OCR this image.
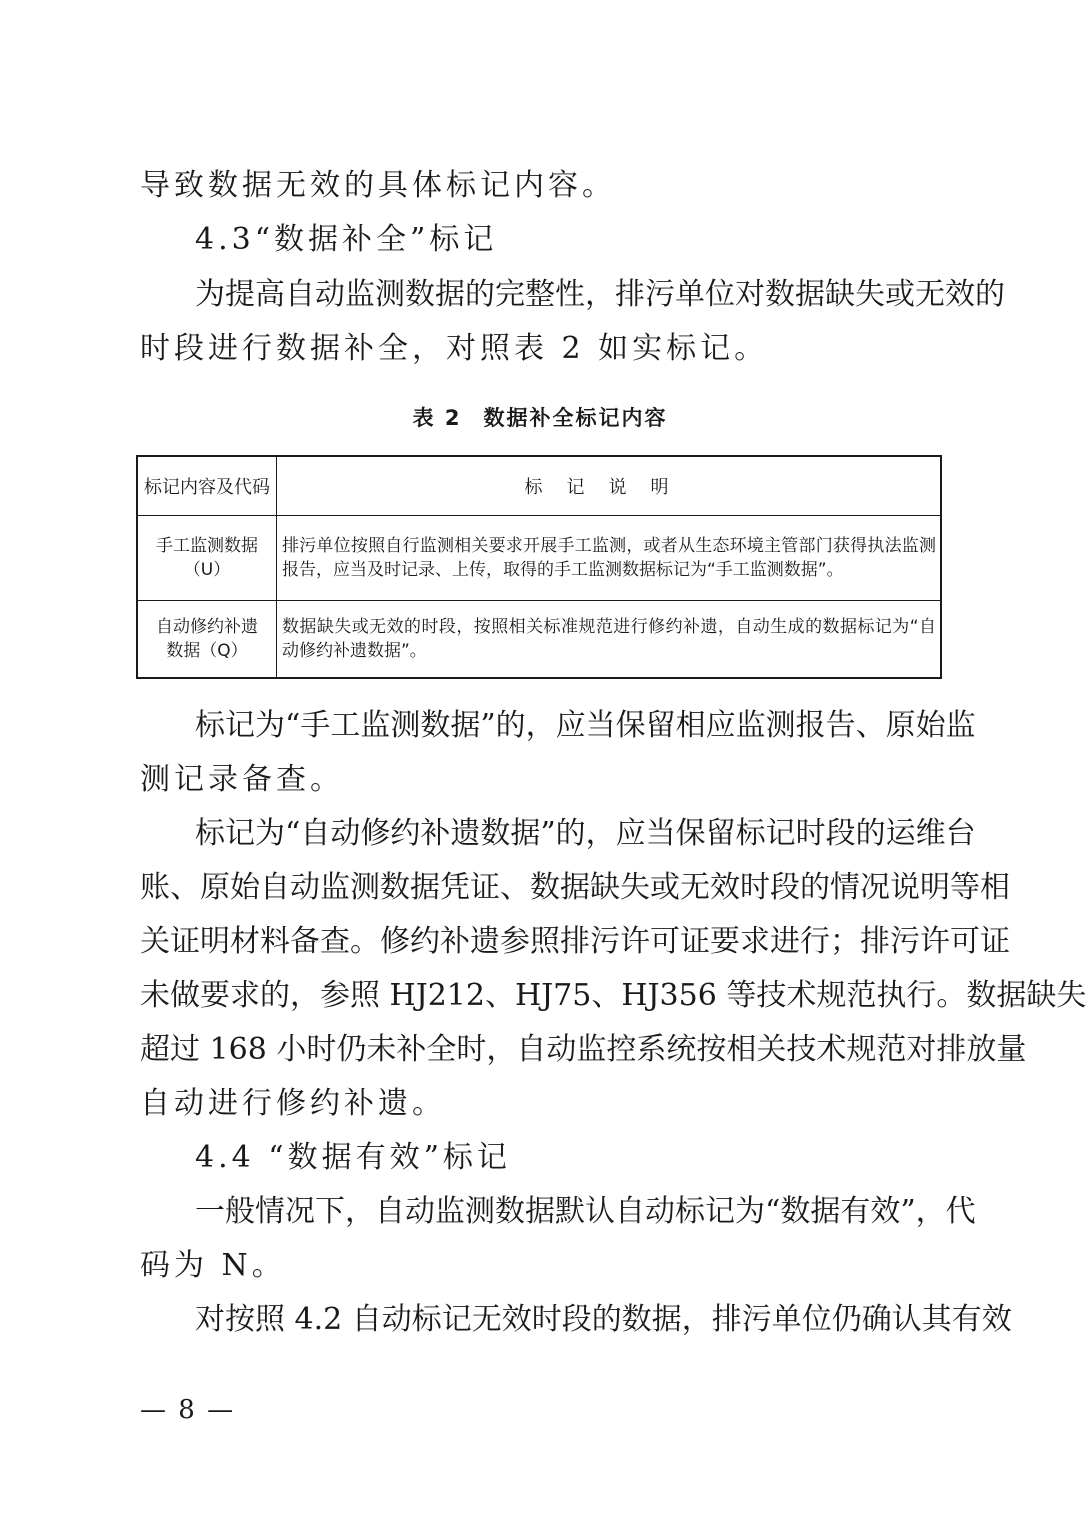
导致数据无效的具体标记内容。
4.3“数据补全”标记
为提高自动监测数据的完整性，排污单位对数据缺失或无效的
时段进行数据补全，对照表 2 如实标记。
表 2 数据补全标记内容
标记内容及代码	标记说明

手工监测数据
（U）	排污单位按照自行监测相关要求开展手工监测，或者从生态环境主管部门获得执法监测报告，应当及时记录、上传，取得的手工监测数据标记为“手工监测数据”。

自动修约补遗
数据（Q）	数据缺失或无效的时段，按照相关标准规范进行修约补遗，自动生成的数据标记为“自动修约补遗数据”。
标记为“手工监测数据”的，应当保留相应监测报告、原始监
测记录备查。
标记为“自动修约补遗数据”的，应当保留标记时段的运维台
账、原始自动监测数据凭证、数据缺失或无效时段的情况说明等相
关证明材料备查。修约补遗参照排污许可证要求进行；排污许可证
未做要求的，参照 HJ212、HJ75、HJ356 等技术规范执行。数据缺失
超过 168 小时仍未补全时，自动监控系统按相关技术规范对排放量
自动进行修约补遗。
4.4 “数据有效”标记
一般情况下，自动监测数据默认自动标记为“数据有效”，代
码为 N。
对按照 4.2 自动标记无效时段的数据，排污单位仍确认其有效
— 8 —
